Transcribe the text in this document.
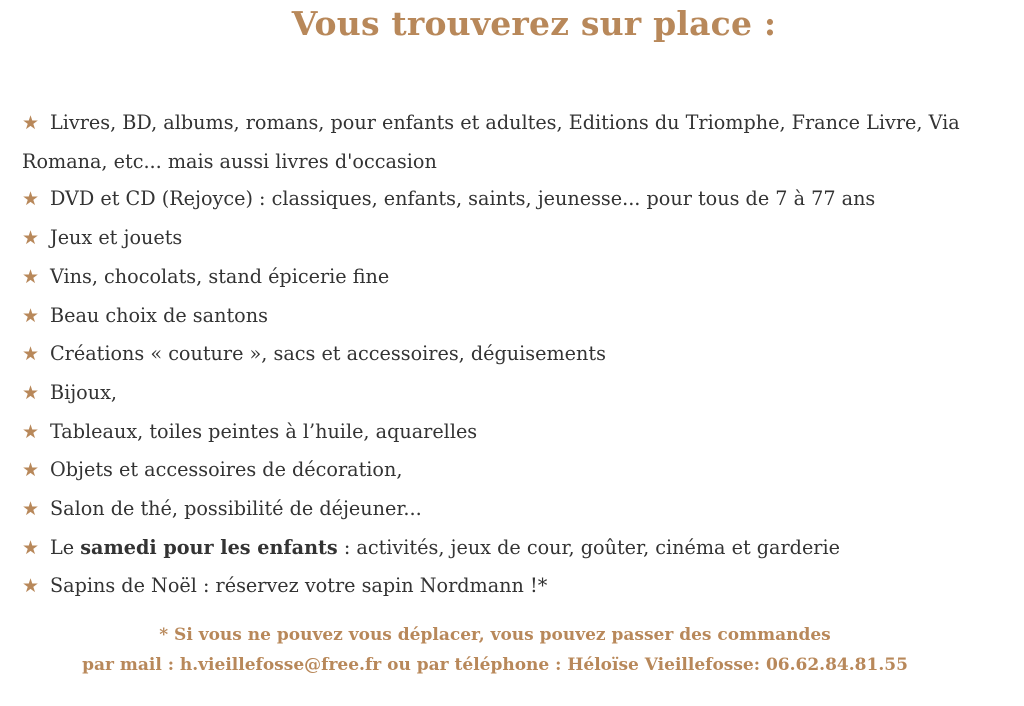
Vous trouverez sur place :
★ Livres, BD, albums, romans, pour enfants et adultes, Editions du Triomphe, France Livre, Via Romana, etc... mais aussi livres d'occasion
★ DVD et CD (Rejoyce) : classiques, enfants, saints, jeunesse... pour tous de 7 à 77 ans
★ Jeux et jouets
★ Vins, chocolats, stand épicerie fine
★ Beau choix de santons
★ Créations « couture », sacs et accessoires, déguisements
★ Bijoux,
★ Tableaux, toiles peintes à l’huile, aquarelles
★ Objets et accessoires de décoration,
★ Salon de thé, possibilité de déjeuner...
★ Le samedi pour les enfants : activités, jeux de cour, goûter, cinéma et garderie
★ Sapins de Noël : réservez votre sapin Nordmann !*
* Si vous ne pouvez vous déplacer, vous pouvez passer des commandes
par mail : h.vieillefosse@free.fr ou par téléphone : Héloïse Vieillefosse: 06.62.84.81.55
